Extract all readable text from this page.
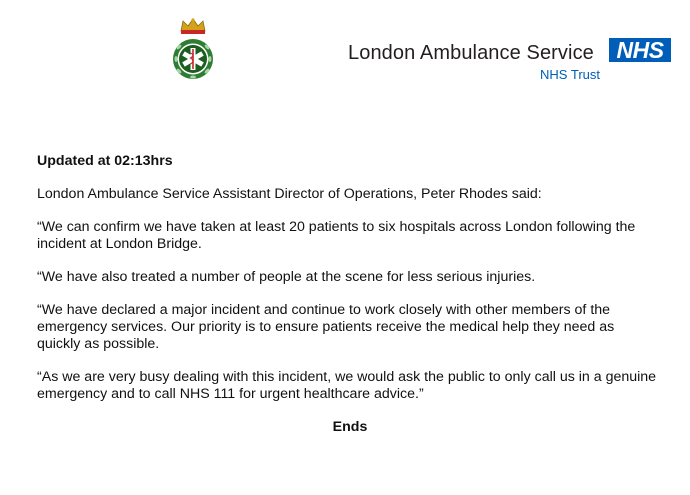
London Ambulance Service NHS
NHS Trust

Updated at 02:13hrs

London Ambulance Service Assistant Director of Operations, Peter Rhodes said:

“We can confirm we have taken at least 20 patients to six hospitals across London following the incident at London Bridge.

“We have also treated a number of people at the scene for less serious injuries.

“We have declared a major incident and continue to work closely with other members of the emergency services. Our priority is to ensure patients receive the medical help they need as quickly as possible.

“As we are very busy dealing with this incident, we would ask the public to only call us in a genuine emergency and to call NHS 111 for urgent healthcare advice.”

Ends
